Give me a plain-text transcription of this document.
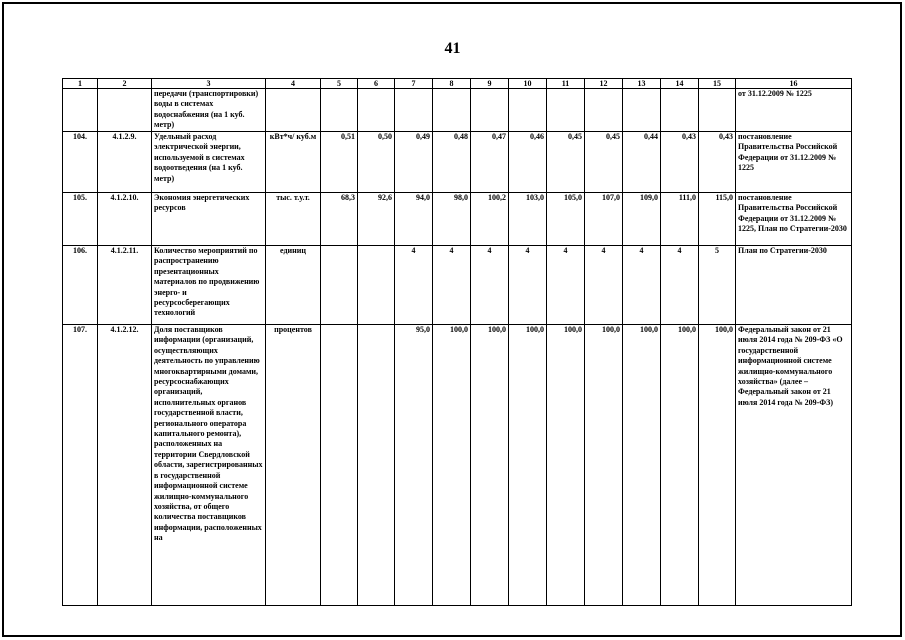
41
1	2	3	4	5	6	7	8	9	10	11	12	13	14	15	16
		передачи (транспортировки) воды в системах водоснабжения (на 1 куб. метр)													от 31.12.2009 № 1225
104.	4.1.2.9.	Удельный расход электрической энергии, используемой в системах водоотведения (на 1 куб. метр)	кВт*ч/ куб.м	0,51	0,50	0,49	0,48	0,47	0,46	0,45	0,45	0,44	0,43	0,43	постановление Правительства Российской Федерации от 31.12.2009 № 1225
105.	4.1.2.10.	Экономия энергетических ресурсов	тыс. т.у.т.	68,3	92,6	94,0	98,0	100,2	103,0	105,0	107,0	109,0	111,0	115,0	постановление Правительства Российской Федерации от 31.12.2009 № 1225, План по Стратегии-2030
106.	4.1.2.11.	Количество мероприятий по распространению презентационных материалов по продвижению энерго- и ресурсосберегающих технологий	единиц			4	4	4	4	4	4	4	4	5	План по Стратегии-2030
107.	4.1.2.12.	Доля поставщиков информации (организаций, осуществляющих деятельность по управлению многоквартирными домами, ресурсоснабжающих организаций, исполнительных органов государственной власти, регионального оператора капитального ремонта), расположенных на территории Свердловской области, зарегистрированных в государственной информационной системе жилищно-коммунального хозяйства, от общего количества поставщиков информации, расположенных на	процентов			95,0	100,0	100,0	100,0	100,0	100,0	100,0	100,0	100,0	Федеральный закон от 21 июля 2014 года № 209-ФЗ «О государственной информационной системе жилищно-коммунального хозяйства» (далее – Федеральный закон от 21 июля 2014 года № 209-ФЗ)
